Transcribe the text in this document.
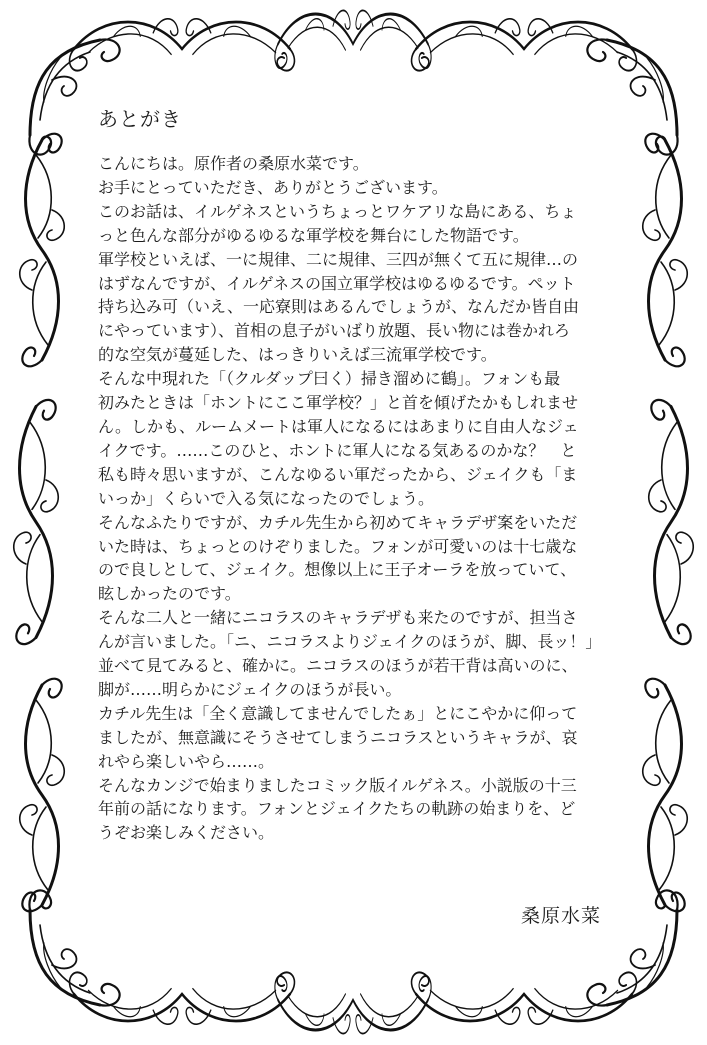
あとがき

こんにちは。原作者の桑原水菜です。

お手にとっていただき、ありがとうございます。

このお話は、イルゲネスというちょっとワケアリな島にある、ちょ

っと色んな部分がゆるゆるな軍学校を舞台にした物語です。

軍学校といえば、一に規律、二に規律、三四が無くて五に規律…の

はずなんですが、イルゲネスの国立軍学校はゆるゆるです。ペット

持ち込み可（いえ、一応寮則はあるんでしょうが、なんだか皆自由

にやっています）、首相の息子がいばり放題、長い物には巻かれろ

的な空気が蔓延した、はっきりいえば三流軍学校です。

そんな中現れた「（クルダップ曰く）掃き溜めに鶴」。フォンも最

初みたときは「ホントにここ軍学校？」と首を傾げたかもしれませ

ん。しかも、ルームメートは軍人になるにはあまりに自由人なジェ

イクです。……このひと、ホントに軍人になる気あるのかな？　と

私も時々思いますが、こんなゆるい軍だったから、ジェイクも「ま

いっか」くらいで入る気になったのでしょう。

そんなふたりですが、カチル先生から初めてキャラデザ案をいただ

いた時は、ちょっとのけぞりました。フォンが可愛いのは十七歳な

ので良しとして、ジェイク。想像以上に王子オーラを放っていて、

眩しかったのです。

そんな二人と一緒にニコラスのキャラデザも来たのですが、担当さ

んが言いました。「ニ、ニコラスよりジェイクのほうが、脚、長ッ！」

並べて見てみると、確かに。ニコラスのほうが若干背は高いのに、

脚が……明らかにジェイクのほうが長い。

カチル先生は「全く意識してませんでしたぁ」とにこやかに仰って

ましたが、無意識にそうさせてしまうニコラスというキャラが、哀

れやら楽しいやら……。

そんなカンジで始まりましたコミック版イルゲネス。小説版の十三

年前の話になります。フォンとジェイクたちの軌跡の始まりを、ど

うぞお楽しみください。

桑原水菜
